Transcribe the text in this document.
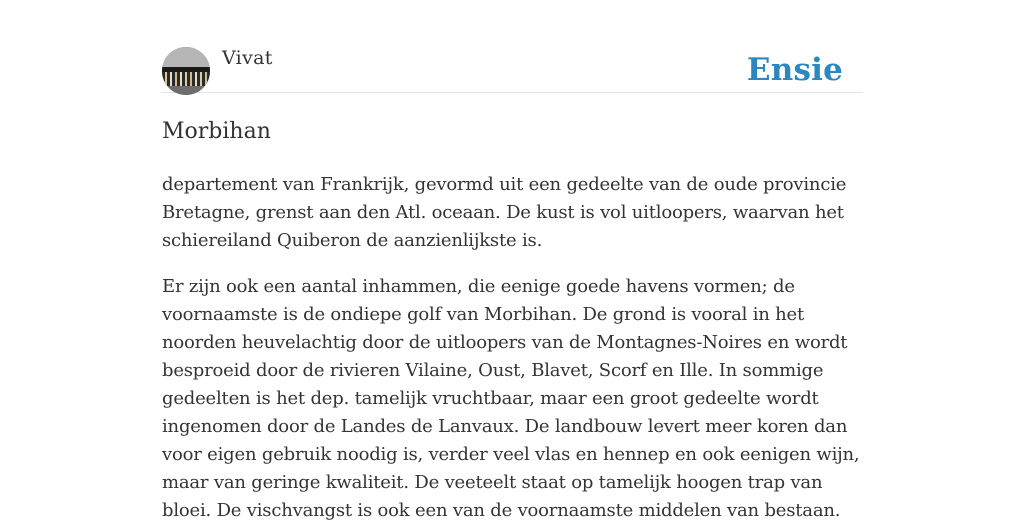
Vivat	Ensie
Morbihan

departement van Frankrijk, gevormd uit een gedeelte van de oude provincie Bretagne, grenst aan den Atl. oceaan. De kust is vol uitloopers, waarvan het schiereiland Quiberon de aanzienlijkste is.

Er zijn ook een aantal inhammen, die eenige goede havens vormen; de voornaamste is de ondiepe golf van Morbihan. De grond is vooral in het noorden heuvelachtig door de uitloopers van de Montagnes-Noires en wordt besproeid door de rivieren Vilaine, Oust, Blavet, Scorf en Ille. In sommige gedeelten is het dep. tamelijk vruchtbaar, maar een groot gedeelte wordt ingenomen door de Landes de Lanvaux. De landbouw levert meer koren dan voor eigen gebruik noodig is, verder veel vlas en hennep en ook eenigen wijn, maar van geringe kwaliteit. De veeteelt staat op tamelijk hoogen trap van bloei. De vischvangst is ook een van de voornaamste middelen van bestaan.
